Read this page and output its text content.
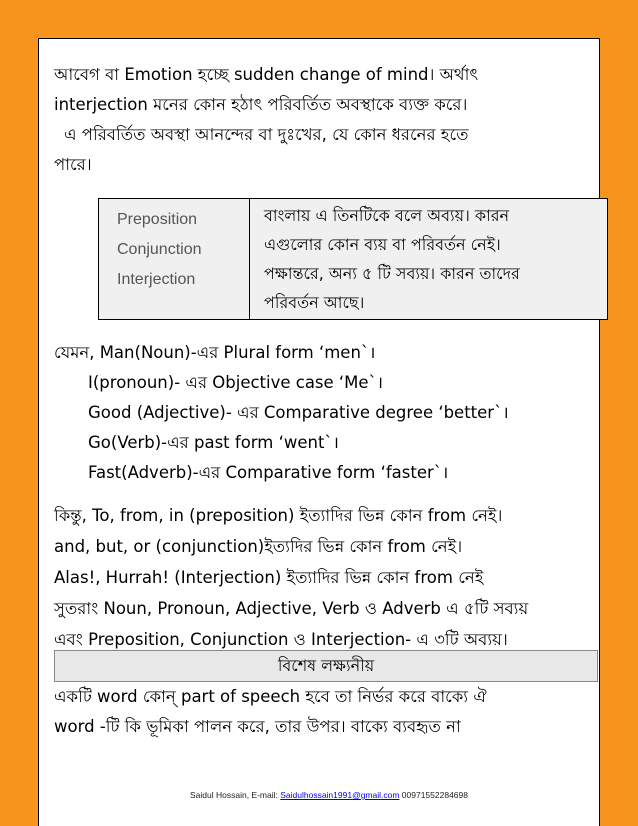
আবেগ বা Emotion হচ্ছে sudden change of mind। অর্থাৎ
interjection মনের কোন হঠাৎ পরিবর্তিত অবস্থাকে ব্যক্ত করে।
এ পরিবর্তিত অবস্থা আনন্দের বা দুঃখের, যে কোন ধরনের হতে
পারে।
Preposition
Conjunction
Interjection
বাংলায় এ তিনটিকে বলে অব্যয়। কারন
এগুলোর কোন ব্যয় বা পরিবর্তন নেই।
পক্ষান্তরে, অন্য ৫ টি সব্যয়। কারন তাদের
পরিবর্তন আছে।
যেমন, Man(Noun)-এর Plural form ‘men`।
I(pronoun)- এর Objective case ‘Me`।
Good (Adjective)- এর Comparative degree ‘better`।
Go(Verb)-এর past form ‘went`।
Fast(Adverb)-এর Comparative form ‘faster`।
কিন্তু, To, from, in (preposition) ইত্যাদির ভিন্ন কোন from নেই।
and, but, or (conjunction)ইত্যদির ভিন্ন কোন from নেই।
Alas!, Hurrah! (Interjection) ইত্যাদির ভিন্ন কোন from নেই
সুতরাং Noun, Pronoun, Adjective, Verb ও Adverb এ ৫টি সব্যয়
এবং Preposition, Conjunction ও Interjection- এ ৩টি অব্যয়।
বিশেষ লক্ষ্যনীয়
একটি word কোন্ part of speech হবে তা নির্ভর করে বাক্যে ঐ
word -টি কি ভূমিকা পালন করে, তার উপর। বাক্যে ব্যবহৃত না
Saidul Hossain, E-mail: Saidulhossain1991@gmail.com 00971552284698
